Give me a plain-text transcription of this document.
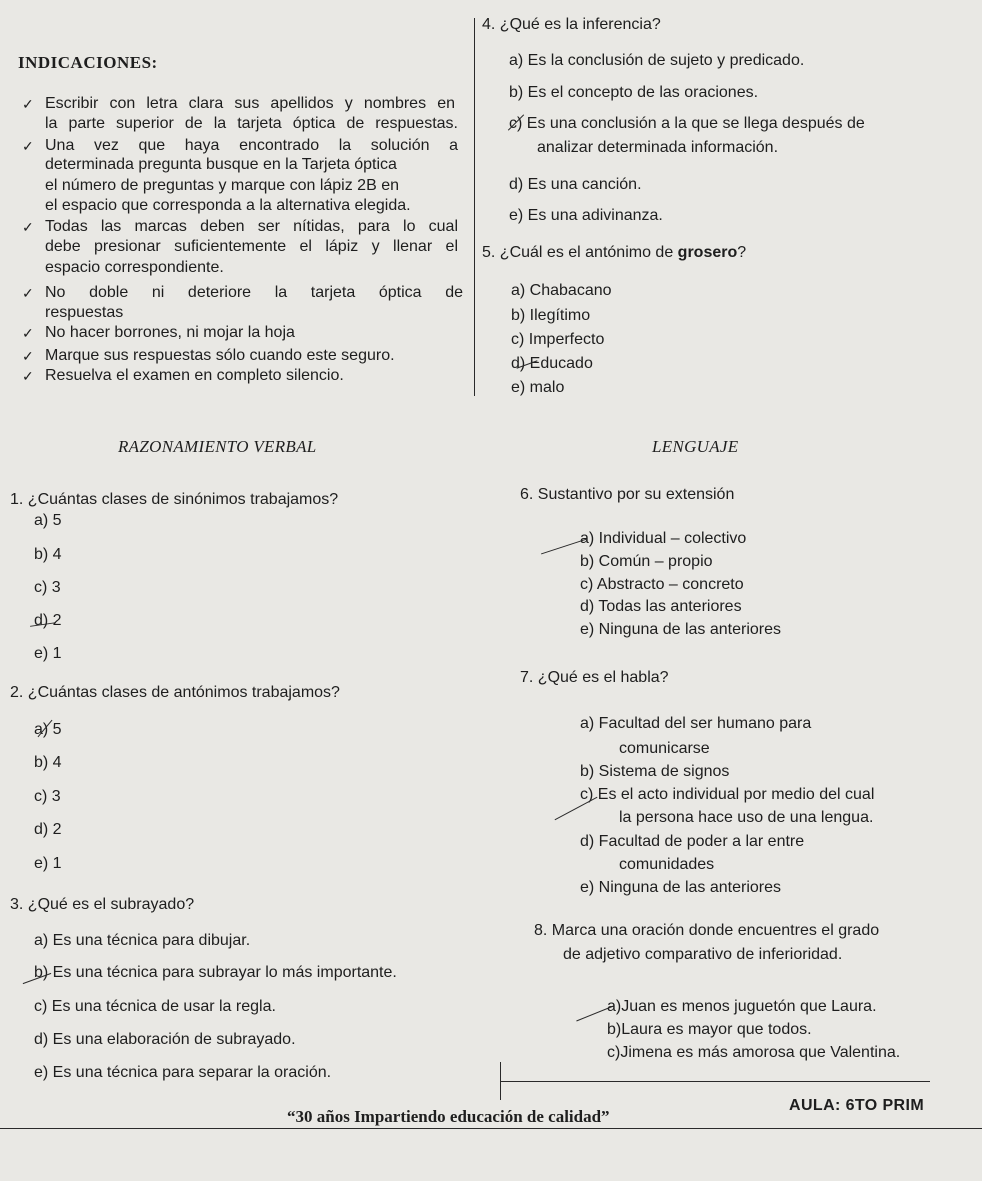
INDICACIONES:
✓ Escribir con letra clara sus apellidos y nombres en
la parte superior de la tarjeta óptica de respuestas.
✓ Una vez que haya encontrado la solución a
determinada pregunta busque en la Tarjeta óptica
el número de preguntas y marque con lápiz 2B en
el espacio que corresponda a la alternativa elegida.
✓ Todas las marcas deben ser nítidas, para lo cual
debe presionar suficientemente el lápiz y llenar el
espacio correspondiente.
✓ No doble ni deteriore la tarjeta óptica de
respuestas
✓ No hacer borrones, ni mojar la hoja
✓ Marque sus respuestas sólo cuando este seguro.
✓ Resuelva el examen en completo silencio.
RAZONAMIENTO VERBAL	LENGUAJE
1. ¿Cuántas clases de sinónimos trabajamos?
a) 5
b) 4
c) 3
d) 2
e) 1
2. ¿Cuántas clases de antónimos trabajamos?
a) 5
b) 4
c) 3
d) 2
e) 1
3. ¿Qué es el subrayado?
a) Es una técnica para dibujar.
b) Es una técnica para subrayar lo más importante.
c) Es una técnica de usar la regla.
d) Es una elaboración de subrayado.
e) Es una técnica para separar la oración.
4. ¿Qué es la inferencia?
a) Es la conclusión de sujeto y predicado.
b) Es el concepto de las oraciones.
c) Es una conclusión a la que se llega después de
analizar determinada información.
d) Es una canción.
e) Es una adivinanza.
5. ¿Cuál es el antónimo de grosero?
a) Chabacano
b) Ilegítimo
c) Imperfecto
d) Educado
e) malo
6. Sustantivo por su extensión
a) Individual – colectivo
b) Común – propio
c) Abstracto – concreto
d) Todas las anteriores
e) Ninguna de las anteriores
7. ¿Qué es el habla?
a) Facultad del ser humano para
comunicarse
b) Sistema de signos
c) Es el acto individual por medio del cual
la persona hace uso de una lengua.
d) Facultad de poder a lar entre
comunidades
e) Ninguna de las anteriores
8. Marca una oración donde encuentres el grado
de adjetivo comparativo de inferioridad.
a)Juan es menos juguetón que Laura.
b)Laura es mayor que todos.
c)Jimena es más amorosa que Valentina.
“30 años Impartiendo educación de calidad”
AULA: 6TO PRIM
